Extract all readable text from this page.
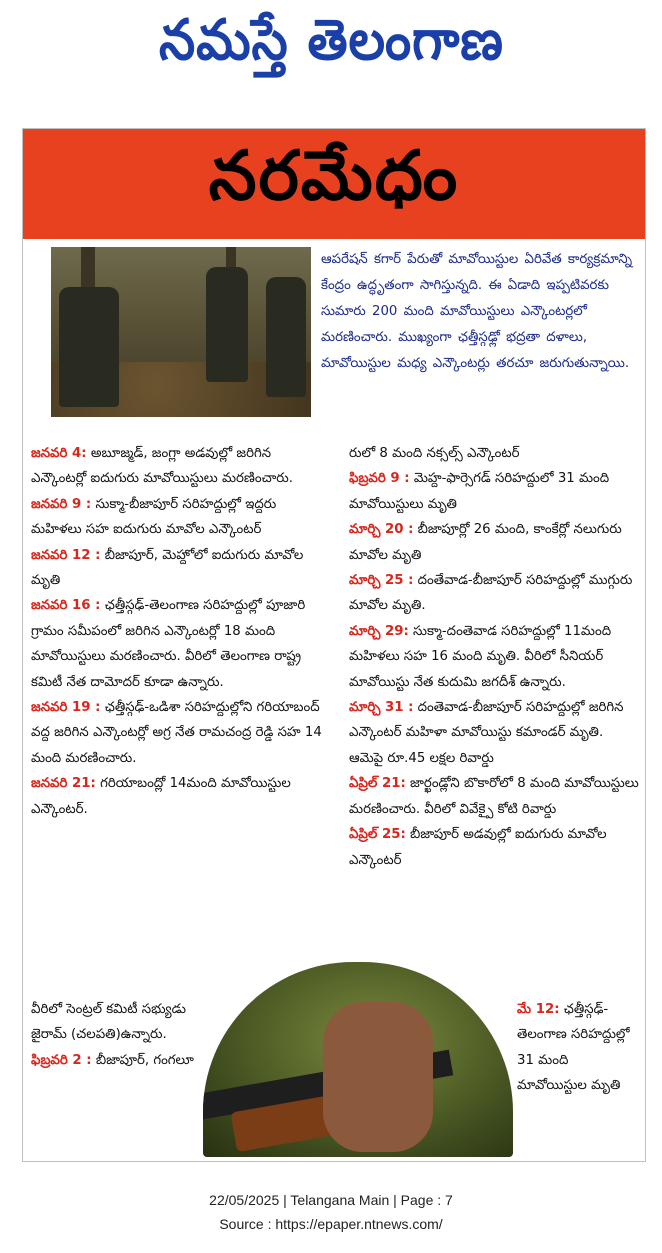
నమస్తే తెలంగాణ
నరమేధం
ఆపరేషన్ కగార్ పేరుతో మావోయిస్టుల ఏరివేత కార్యక్రమాన్ని కేంద్రం ఉద్ధృతంగా సాగిస్తున్నది. ఈ ఏడాది ఇప్పటివరకు సుమారు 200 మంది మావోయిస్టులు ఎన్కౌంటర్లలో మరణించారు. ముఖ్యంగా ఛత్తీస్గఢ్లో భద్రతా దళాలు, మావోయిస్టుల మధ్య ఎన్కౌంటర్లు తరచూ జరుగుతున్నాయి.
జనవరి 4: అబూజ్మడ్, జంగ్లా అడవుల్లో జరిగిన ఎన్కౌంటర్లో ఐదుగురు మావోయిస్టులు మరణించారు.
జనవరి 9 : సుక్మా-బీజాపూర్ సరిహద్దుల్లో ఇద్దరు మహిళలు సహ ఐదుగురు మావోల ఎన్కౌంటర్
జనవరి 12 : బీజాపూర్, మెహ్దోలో ఐదుగురు మావోల మృతి
జనవరి 16 : ఛత్తీస్గఢ్-తెలంగాణ సరిహద్దుల్లో పూజారి గ్రామం సమీపంలో జరిగిన ఎన్కౌంటర్లో 18 మంది మావోయిస్టులు మరణించారు. వీరిలో తెలంగాణ రాష్ట్ర కమిటీ నేత దామోదర్ కూడా ఉన్నారు.
జనవరి 19 : ఛత్తీస్గఢ్-ఒడిశా సరిహద్దుల్లోని గరియాబంద్ వద్ద జరిగిన ఎన్కౌంటర్లో అగ్ర నేత రామచంద్ర రెడ్డి సహ 14 మంది మరణించారు.
జనవరి 21: గరియాబంద్లో 14మంది మావోయిస్టుల ఎన్కౌంటర్.
వీరిలో సెంట్రల్ కమిటీ సభ్యుడు జైరామ్ (చలపతి)ఉన్నారు.
ఫిబ్రవరి 2 : బీజాపూర్, గంగలూ
రులో 8 మంది నక్సల్స్ ఎన్కౌంటర్
ఫిబ్రవరి 9 : మెహ్ద-ఫార్సెగడ్ సరిహద్దులో 31 మంది మావోయిస్టులు మృతి
మార్చి 20 : బీజాపూర్లో 26 మంది, కాంకేర్లో నలుగురు మావోల మృతి
మార్చి 25 : దంతేవాడ-బీజాపూర్ సరిహద్దుల్లో ముగ్గురు మావోల మృతి.
మార్చి 29: సుక్మా-దంతెవాడ సరిహద్దుల్లో 11మంది మహిళలు సహ 16 మంది మృతి. వీరిలో సీనియర్ మావోయిస్టు నేత కుదుమి జగదీశ్ ఉన్నారు.
మార్చి 31 : దంతెవాడ-బీజాపూర్ సరిహద్దుల్లో జరిగిన ఎన్కౌంటర్ మహిళా మావోయిస్టు కమాండర్ మృతి. ఆమెపై రూ.45 లక్షల రివార్డు
ఏప్రిల్ 21: జార్ఖండ్లోని బొకారోలో 8 మంది మావోయిస్టులు మరణించారు. వీరిలో వివేక్పై కోటి రివార్డు
ఏప్రిల్ 25: బీజాపూర్ అడవుల్లో ఐదుగురు మావోల ఎన్కౌంటర్
మే 12: ఛత్తీస్గఢ్-తెలంగాణ సరిహద్దుల్లో 31 మంది మావోయిస్టుల మృతి
22/05/2025 | Telangana Main | Page : 7
Source : https://epaper.ntnews.com/
